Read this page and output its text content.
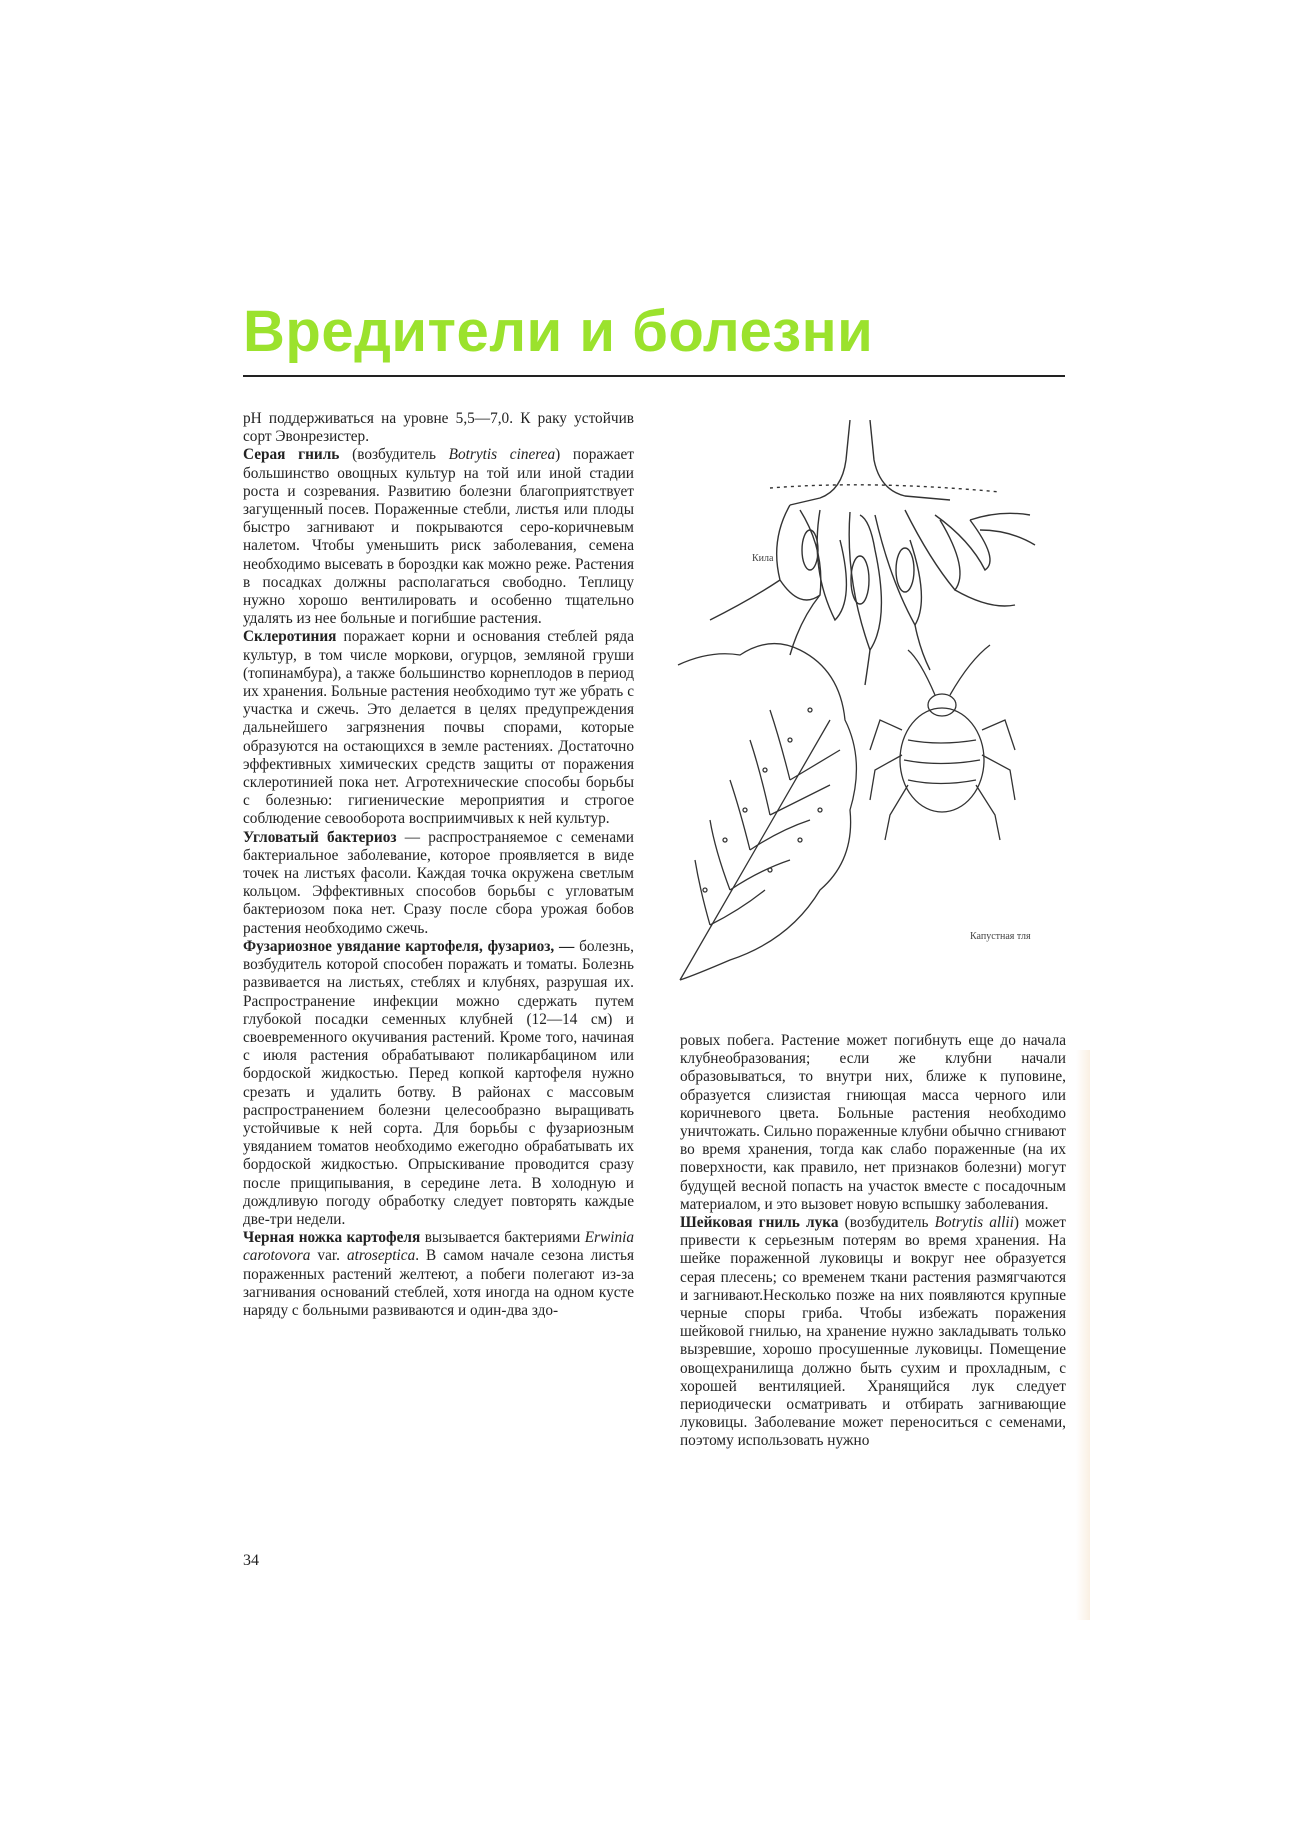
Вредители и болезни

pH поддерживаться на уровне 5,5—7,0. К раку устойчив сорт Эвонрезистер.

Серая гниль (возбудитель Botrytis cinerea) поражает большинство овощных культур на той или иной стадии роста и созревания. Развитию болезни благоприятствует загущенный посев. Пораженные стебли, листья или плоды быстро загнивают и покрываются серо-коричневым налетом. Чтобы уменьшить риск заболевания, семена необходимо высевать в бороздки как можно реже. Растения в посадках должны располагаться свободно. Теплицу нужно хорошо вентилировать и особенно тщательно удалять из нее больные и погибшие растения.

Склеротиния поражает корни и основания стеблей ряда культур, в том числе моркови, огурцов, земляной груши (топинамбура), а также большинство корнеплодов в период их хранения. Больные растения необходимо тут же убрать с участка и сжечь. Это делается в целях предупреждения дальнейшего загрязнения почвы спорами, которые образуются на остающихся в земле растениях. Достаточно эффективных химических средств защиты от поражения склеротинией пока нет. Агротехнические способы борьбы с болезнью: гигиенические мероприятия и строгое соблюдение севооборота восприимчивых к ней культур.

Угловатый бактериоз — распространяемое с семенами бактериальное заболевание, которое проявляется в виде точек на листьях фасоли. Каждая точка окружена светлым кольцом. Эффективных способов борьбы с угловатым бактериозом пока нет. Сразу после сбора урожая бобов растения необходимо сжечь.

Фузариозное увядание картофеля, фузариоз, — болезнь, возбудитель которой способен поражать и томаты. Болезнь развивается на листьях, стеблях и клубнях, разрушая их. Распространение инфекции можно сдержать путем глубокой посадки семенных клубней (12—14 см) и своевременного окучивания растений. Кроме того, начиная с июля растения обрабатывают поликарбацином или бордоской жидкостью. Перед копкой картофеля нужно срезать и удалить ботву. В районах с массовым распространением болезни целесообразно выращивать устойчивые к ней сорта. Для борьбы с фузариозным увяданием томатов необходимо ежегодно обрабатывать их бордоской жидкостью. Опрыскивание проводится сразу после прищипывания, в середине лета. В холодную и дождливую погоду обработку следует повторять каждые две-три недели.

Черная ножка картофеля вызывается бактериями Erwinia carotovora var. atroseptica. В самом начале сезона листья пораженных растений желтеют, а побеги полегают из-за загнивания оснований стеблей, хотя иногда на одном кусте наряду с больными развиваются и один-два здо-

Кила
Капустная тля

ровых побега. Растение может погибнуть еще до начала клубнеобразования; если же клубни начали образовываться, то внутри них, ближе к пуповине, образуется слизистая гниющая масса черного или коричневого цвета. Больные растения необходимо уничтожать. Сильно пораженные клубни обычно сгнивают во время хранения, тогда как слабо пораженные (на их поверхности, как правило, нет признаков болезни) могут будущей весной попасть на участок вместе с посадочным материалом, и это вызовет новую вспышку заболевания.

Шейковая гниль лука (возбудитель Botrytis allii) может привести к серьезным потерям во время хранения. На шейке пораженной луковицы и вокруг нее образуется серая плесень; со временем ткани растения размягчаются и загнивают.Несколько позже на них появляются крупные черные споры гриба. Чтобы избежать поражения шейковой гнилью, на хранение нужно закладывать только вызревшие, хорошо просушенные луковицы. Помещение овощехранилища должно быть сухим и прохладным, с хорошей вентиляцией. Хранящийся лук следует периодически осматривать и отбирать загнивающие луковицы. Заболевание может переноситься с семенами, поэтому использовать нужно

34
